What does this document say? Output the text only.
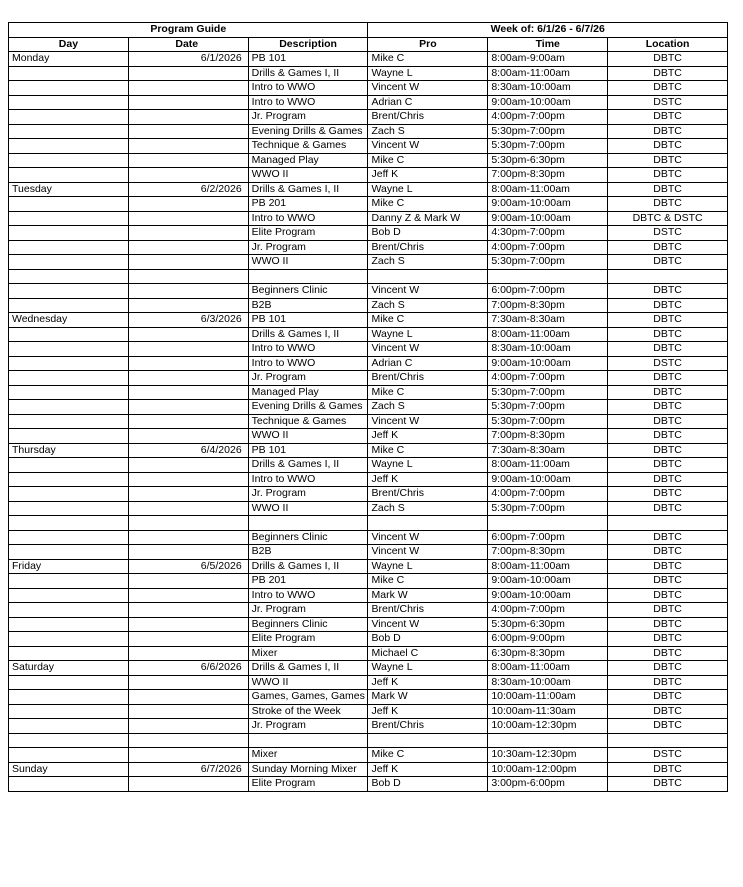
Program Guide			Week of: 6/1/26 - 6/7/26		
Day	Date	Description	Pro	Time	Location
Monday	6/1/2026	PB 101	Mike C	8:00am-9:00am	DBTC
		Drills & Games I, II	Wayne L	8:00am-11:00am	DBTC
		Intro to WWO	Vincent W	8:30am-10:00am	DBTC
		Intro to WWO	Adrian C	9:00am-10:00am	DSTC
		Jr. Program	Brent/Chris	4:00pm-7:00pm	DBTC
		Evening Drills & Games	Zach S	5:30pm-7:00pm	DBTC
		Technique & Games	Vincent W	5:30pm-7:00pm	DBTC
		Managed Play	Mike C	5:30pm-6:30pm	DBTC
		WWO II	Jeff K	7:00pm-8:30pm	DBTC
Tuesday	6/2/2026	Drills & Games I, II	Wayne L	8:00am-11:00am	DBTC
		PB 201	Mike C	9:00am-10:00am	DBTC
		Intro to WWO	Danny Z & Mark W	9:00am-10:00am	DBTC & DSTC
		Elite Program	Bob D	4:30pm-7:00pm	DSTC
		Jr. Program	Brent/Chris	4:00pm-7:00pm	DBTC
		WWO II	Zach S	5:30pm-7:00pm	DBTC

		Beginners Clinic	Vincent W	6:00pm-7:00pm	DBTC
		B2B	Zach S	7:00pm-8:30pm	DBTC
Wednesday	6/3/2026	PB 101	Mike C	7:30am-8:30am	DBTC
		Drills & Games I, II	Wayne L	8:00am-11:00am	DBTC
		Intro to WWO	Vincent W	8:30am-10:00am	DBTC
		Intro to WWO	Adrian C	9:00am-10:00am	DSTC
		Jr. Program	Brent/Chris	4:00pm-7:00pm	DBTC
		Managed Play	Mike C	5:30pm-7:00pm	DBTC
		Evening Drills & Games	Zach S	5:30pm-7:00pm	DBTC
		Technique & Games	Vincent W	5:30pm-7:00pm	DBTC
		WWO II	Jeff K	7:00pm-8:30pm	DBTC
Thursday	6/4/2026	PB 101	Mike C	7:30am-8:30am	DBTC
		Drills & Games I, II	Wayne L	8:00am-11:00am	DBTC
		Intro to WWO	Jeff K	9:00am-10:00am	DBTC
		Jr. Program	Brent/Chris	4:00pm-7:00pm	DBTC
		WWO II	Zach S	5:30pm-7:00pm	DBTC

		Beginners Clinic	Vincent W	6:00pm-7:00pm	DBTC
		B2B	Vincent W	7:00pm-8:30pm	DBTC
Friday	6/5/2026	Drills & Games I, II	Wayne L	8:00am-11:00am	DBTC
		PB 201	Mike C	9:00am-10:00am	DBTC
		Intro to WWO	Mark W	9:00am-10:00am	DBTC
		Jr. Program	Brent/Chris	4:00pm-7:00pm	DBTC
		Beginners Clinic	Vincent W	5:30pm-6:30pm	DBTC
		Elite Program	Bob D	6:00pm-9:00pm	DBTC
		Mixer	Michael C	6:30pm-8:30pm	DBTC
Saturday	6/6/2026	Drills & Games I, II	Wayne L	8:00am-11:00am	DBTC
		WWO II	Jeff K	8:30am-10:00am	DBTC
		Games, Games, Games	Mark W	10:00am-11:00am	DBTC
		Stroke of the Week	Jeff K	10:00am-11:30am	DBTC
		Jr. Program	Brent/Chris	10:00am-12:30pm	DBTC

		Mixer	Mike C	10:30am-12:30pm	DSTC
Sunday	6/7/2026	Sunday Morning Mixer	Jeff K	10:00am-12:00pm	DBTC
		Elite Program	Bob D	3:00pm-6:00pm	DBTC
